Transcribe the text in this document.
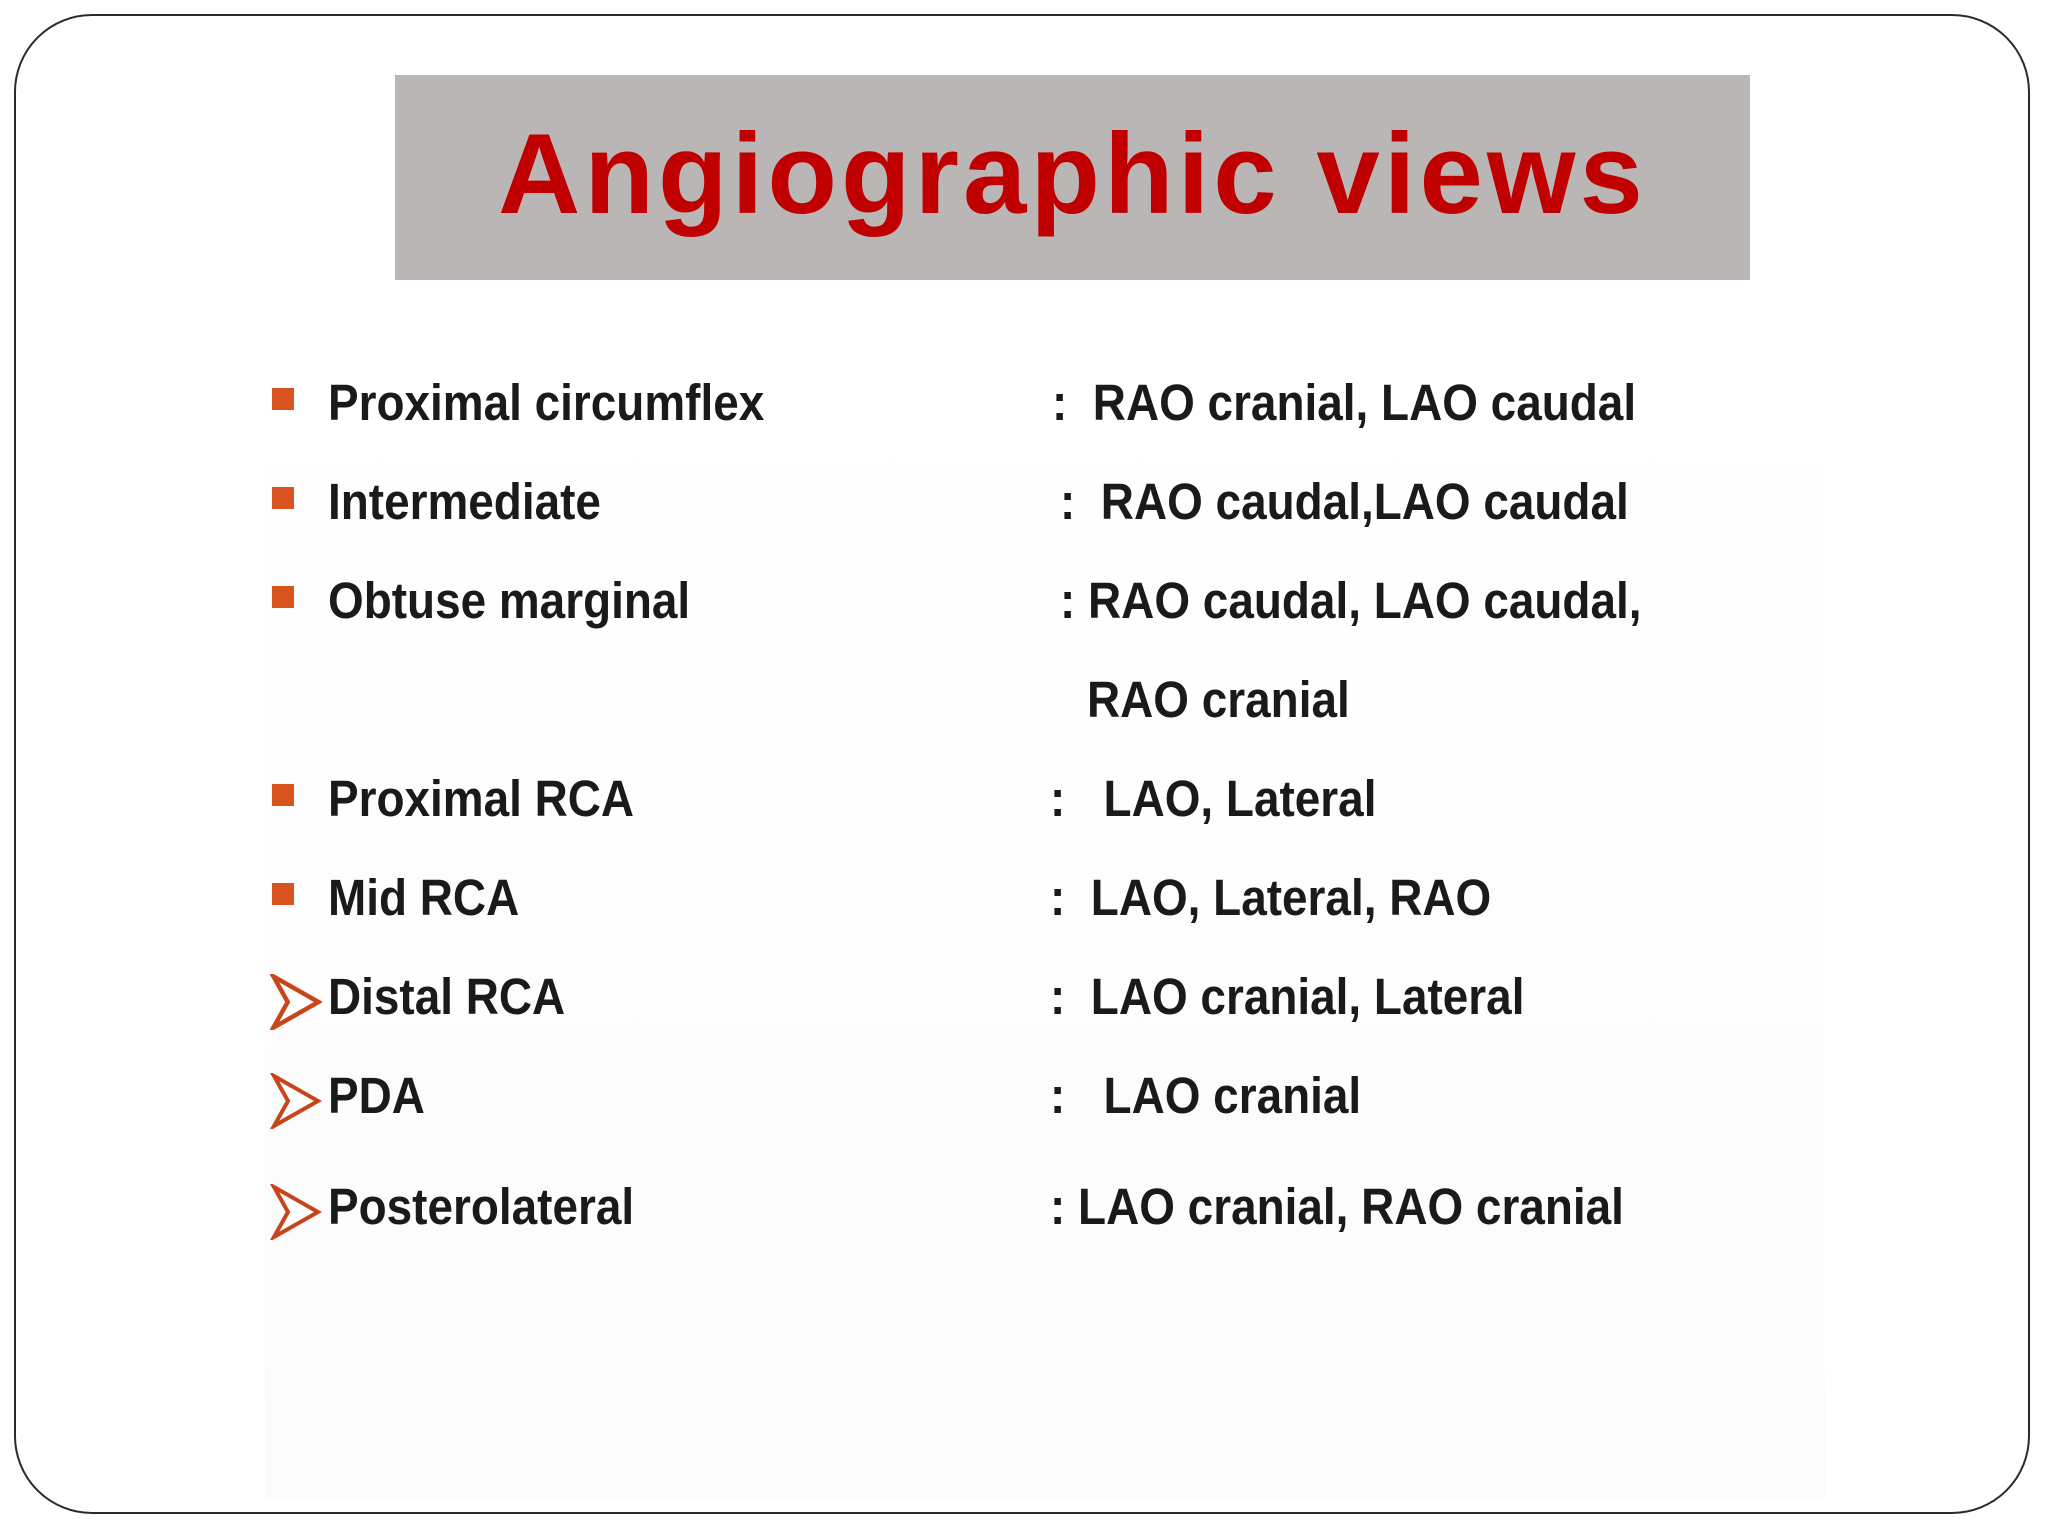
Angiographic views
Proximal circumflex	:  RAO cranial, LAO caudal
Intermediate	:  RAO caudal,LAO caudal
Obtuse marginal	: RAO caudal, LAO caudal,
RAO cranial
Proximal RCA	:   LAO, Lateral
Mid RCA	:  LAO, Lateral, RAO
Distal RCA	:  LAO cranial, Lateral
PDA	:   LAO cranial
Posterolateral	: LAO cranial, RAO cranial
